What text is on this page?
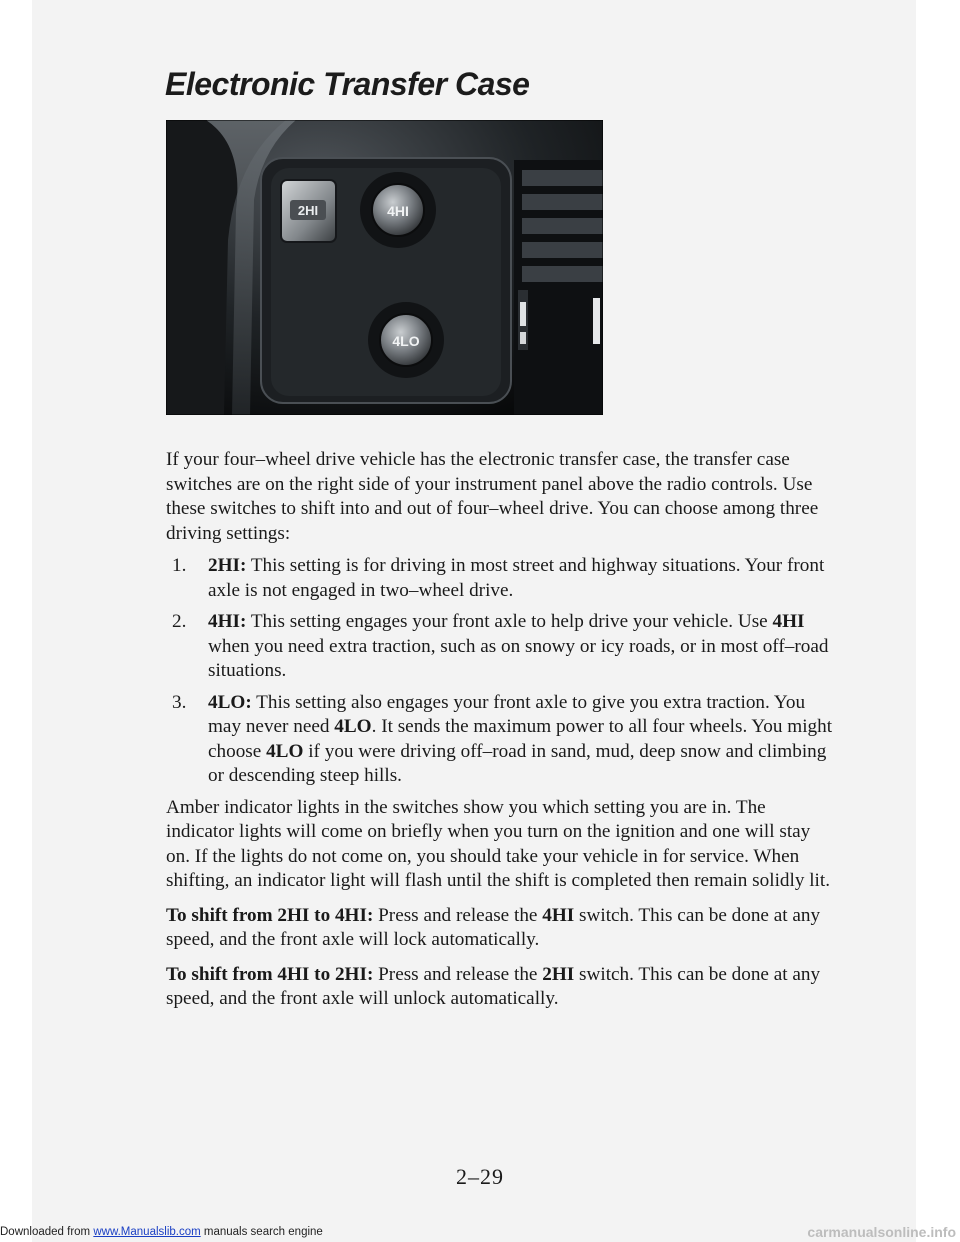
Electronic Transfer Case
2HI	4HI
4LO

If your four–wheel drive vehicle has the electronic transfer case, the transfer case switches are on the right side of your instrument panel above the radio controls. Use these switches to shift into and out of four–wheel drive. You can choose among three driving settings:

1. 2HI: This setting is for driving in most street and highway situations. Your front axle is not engaged in two–wheel drive.
2. 4HI: This setting engages your front axle to help drive your vehicle. Use 4HI when you need extra traction, such as on snowy or icy roads, or in most off–road situations.
3. 4LO: This setting also engages your front axle to give you extra traction. You may never need 4LO. It sends the maximum power to all four wheels. You might choose 4LO if you were driving off–road in sand, mud, deep snow and climbing or descending steep hills.

Amber indicator lights in the switches show you which setting you are in. The indicator lights will come on briefly when you turn on the ignition and one will stay on. If the lights do not come on, you should take your vehicle in for service. When shifting, an indicator light will flash until the shift is completed then remain solidly lit.

To shift from 2HI to 4HI: Press and release the 4HI switch. This can be done at any speed, and the front axle will lock automatically.

To shift from 4HI to 2HI: Press and release the 2HI switch. This can be done at any speed, and the front axle will unlock automatically.

2–29
Downloaded from www.Manualslib.com manuals search engine	carmanualsonline.info
